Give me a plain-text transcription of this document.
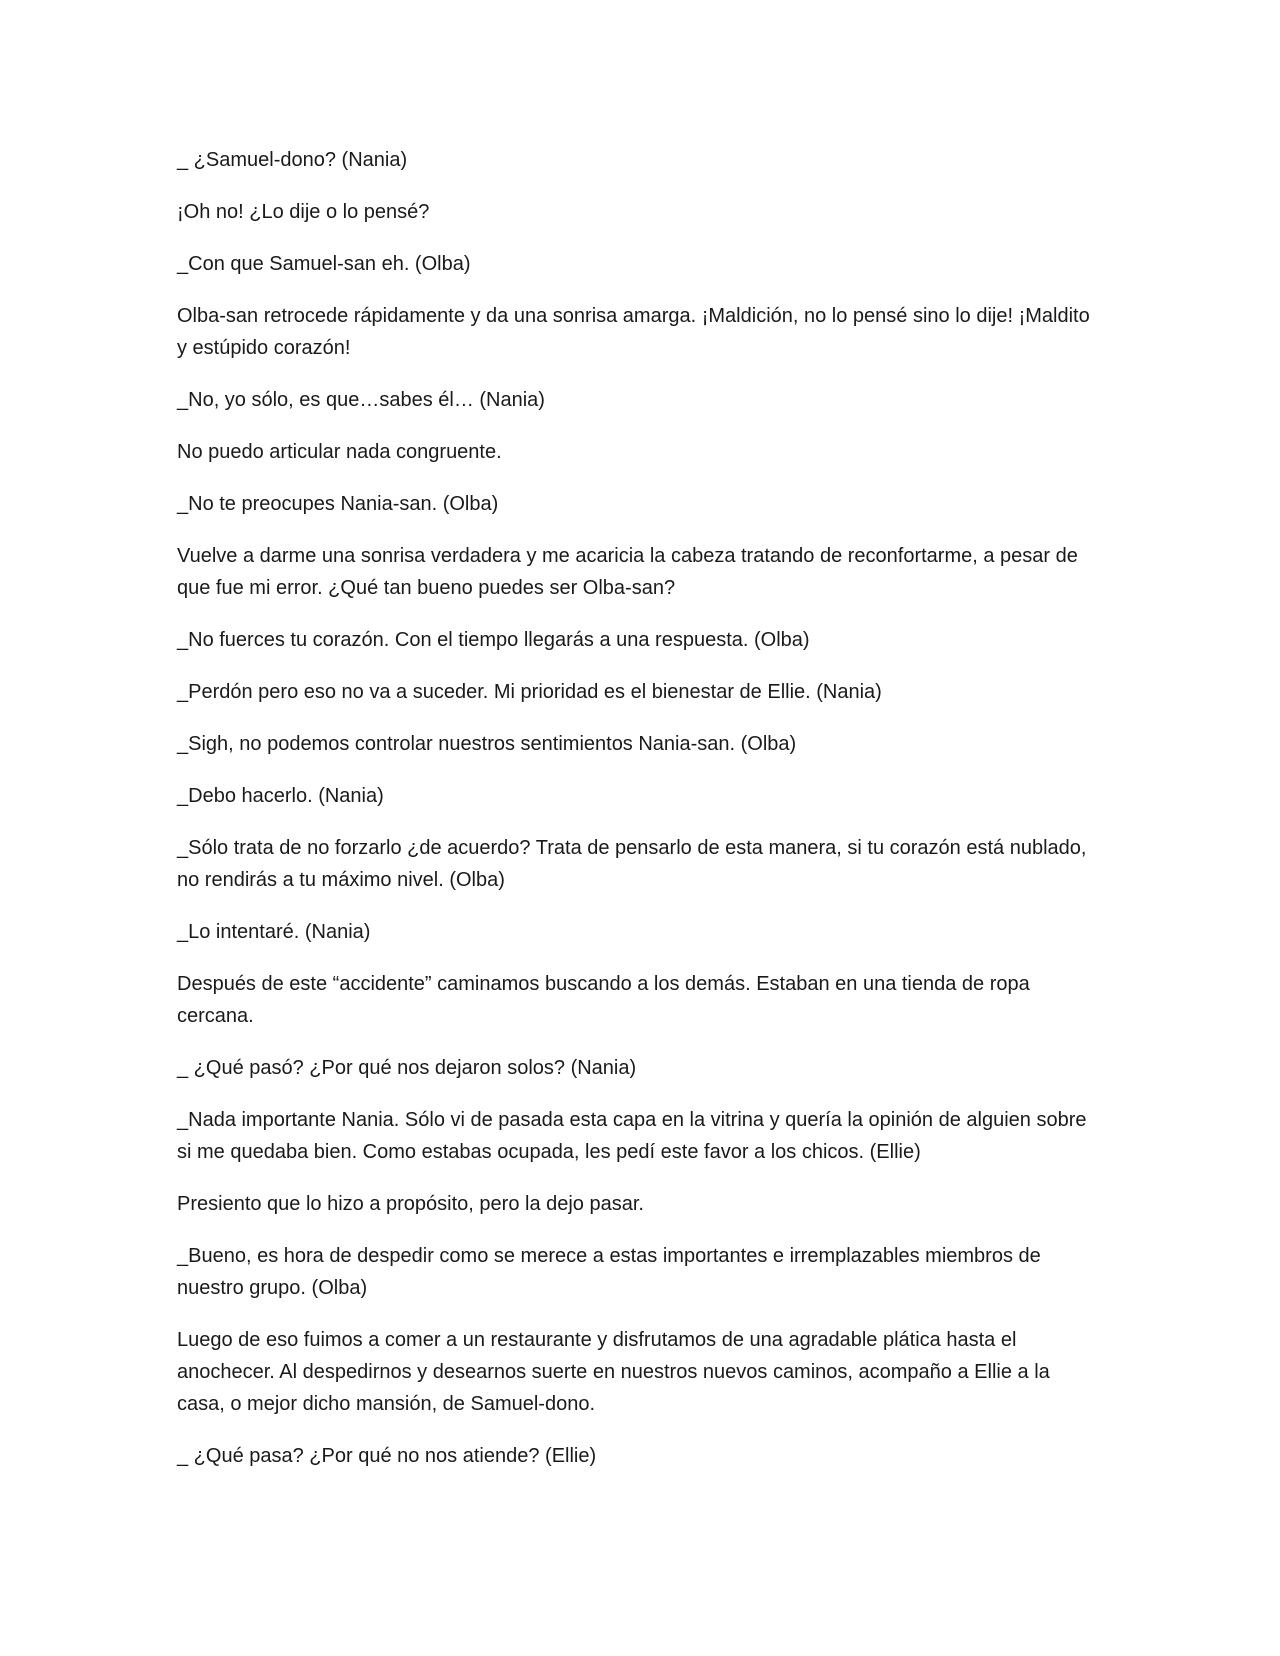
_ ¿Samuel-dono? (Nania)

¡Oh no! ¿Lo dije o lo pensé?

_Con que Samuel-san eh. (Olba)

Olba-san retrocede rápidamente y da una sonrisa amarga. ¡Maldición, no lo pensé sino lo dije! ¡Maldito y estúpido corazón!

_No, yo sólo, es que…sabes él… (Nania)

No puedo articular nada congruente.

_No te preocupes Nania-san. (Olba)

Vuelve a darme una sonrisa verdadera y me acaricia la cabeza tratando de reconfortarme, a pesar de que fue mi error. ¿Qué tan bueno puedes ser Olba-san?

_No fuerces tu corazón. Con el tiempo llegarás a una respuesta. (Olba)

_Perdón pero eso no va a suceder. Mi prioridad es el bienestar de Ellie. (Nania)

_Sigh, no podemos controlar nuestros sentimientos Nania-san. (Olba)

_Debo hacerlo. (Nania)

_Sólo trata de no forzarlo ¿de acuerdo? Trata de pensarlo de esta manera, si tu corazón está nublado, no rendirás a tu máximo nivel. (Olba)

_Lo intentaré. (Nania)

Después de este “accidente” caminamos buscando a los demás. Estaban en una tienda de ropa cercana.

_ ¿Qué pasó? ¿Por qué nos dejaron solos? (Nania)

_Nada importante Nania. Sólo vi de pasada esta capa en la vitrina y quería la opinión de alguien sobre si me quedaba bien. Como estabas ocupada, les pedí este favor a los chicos. (Ellie)

Presiento que lo hizo a propósito, pero la dejo pasar.

_Bueno, es hora de despedir como se merece a estas importantes e irremplazables miembros de nuestro grupo. (Olba)

Luego de eso fuimos a comer a un restaurante y disfrutamos de una agradable plática hasta el anochecer. Al despedirnos y desearnos suerte en nuestros nuevos caminos, acompaño a Ellie a la casa, o mejor dicho mansión, de Samuel-dono.

_ ¿Qué pasa? ¿Por qué no nos atiende? (Ellie)
